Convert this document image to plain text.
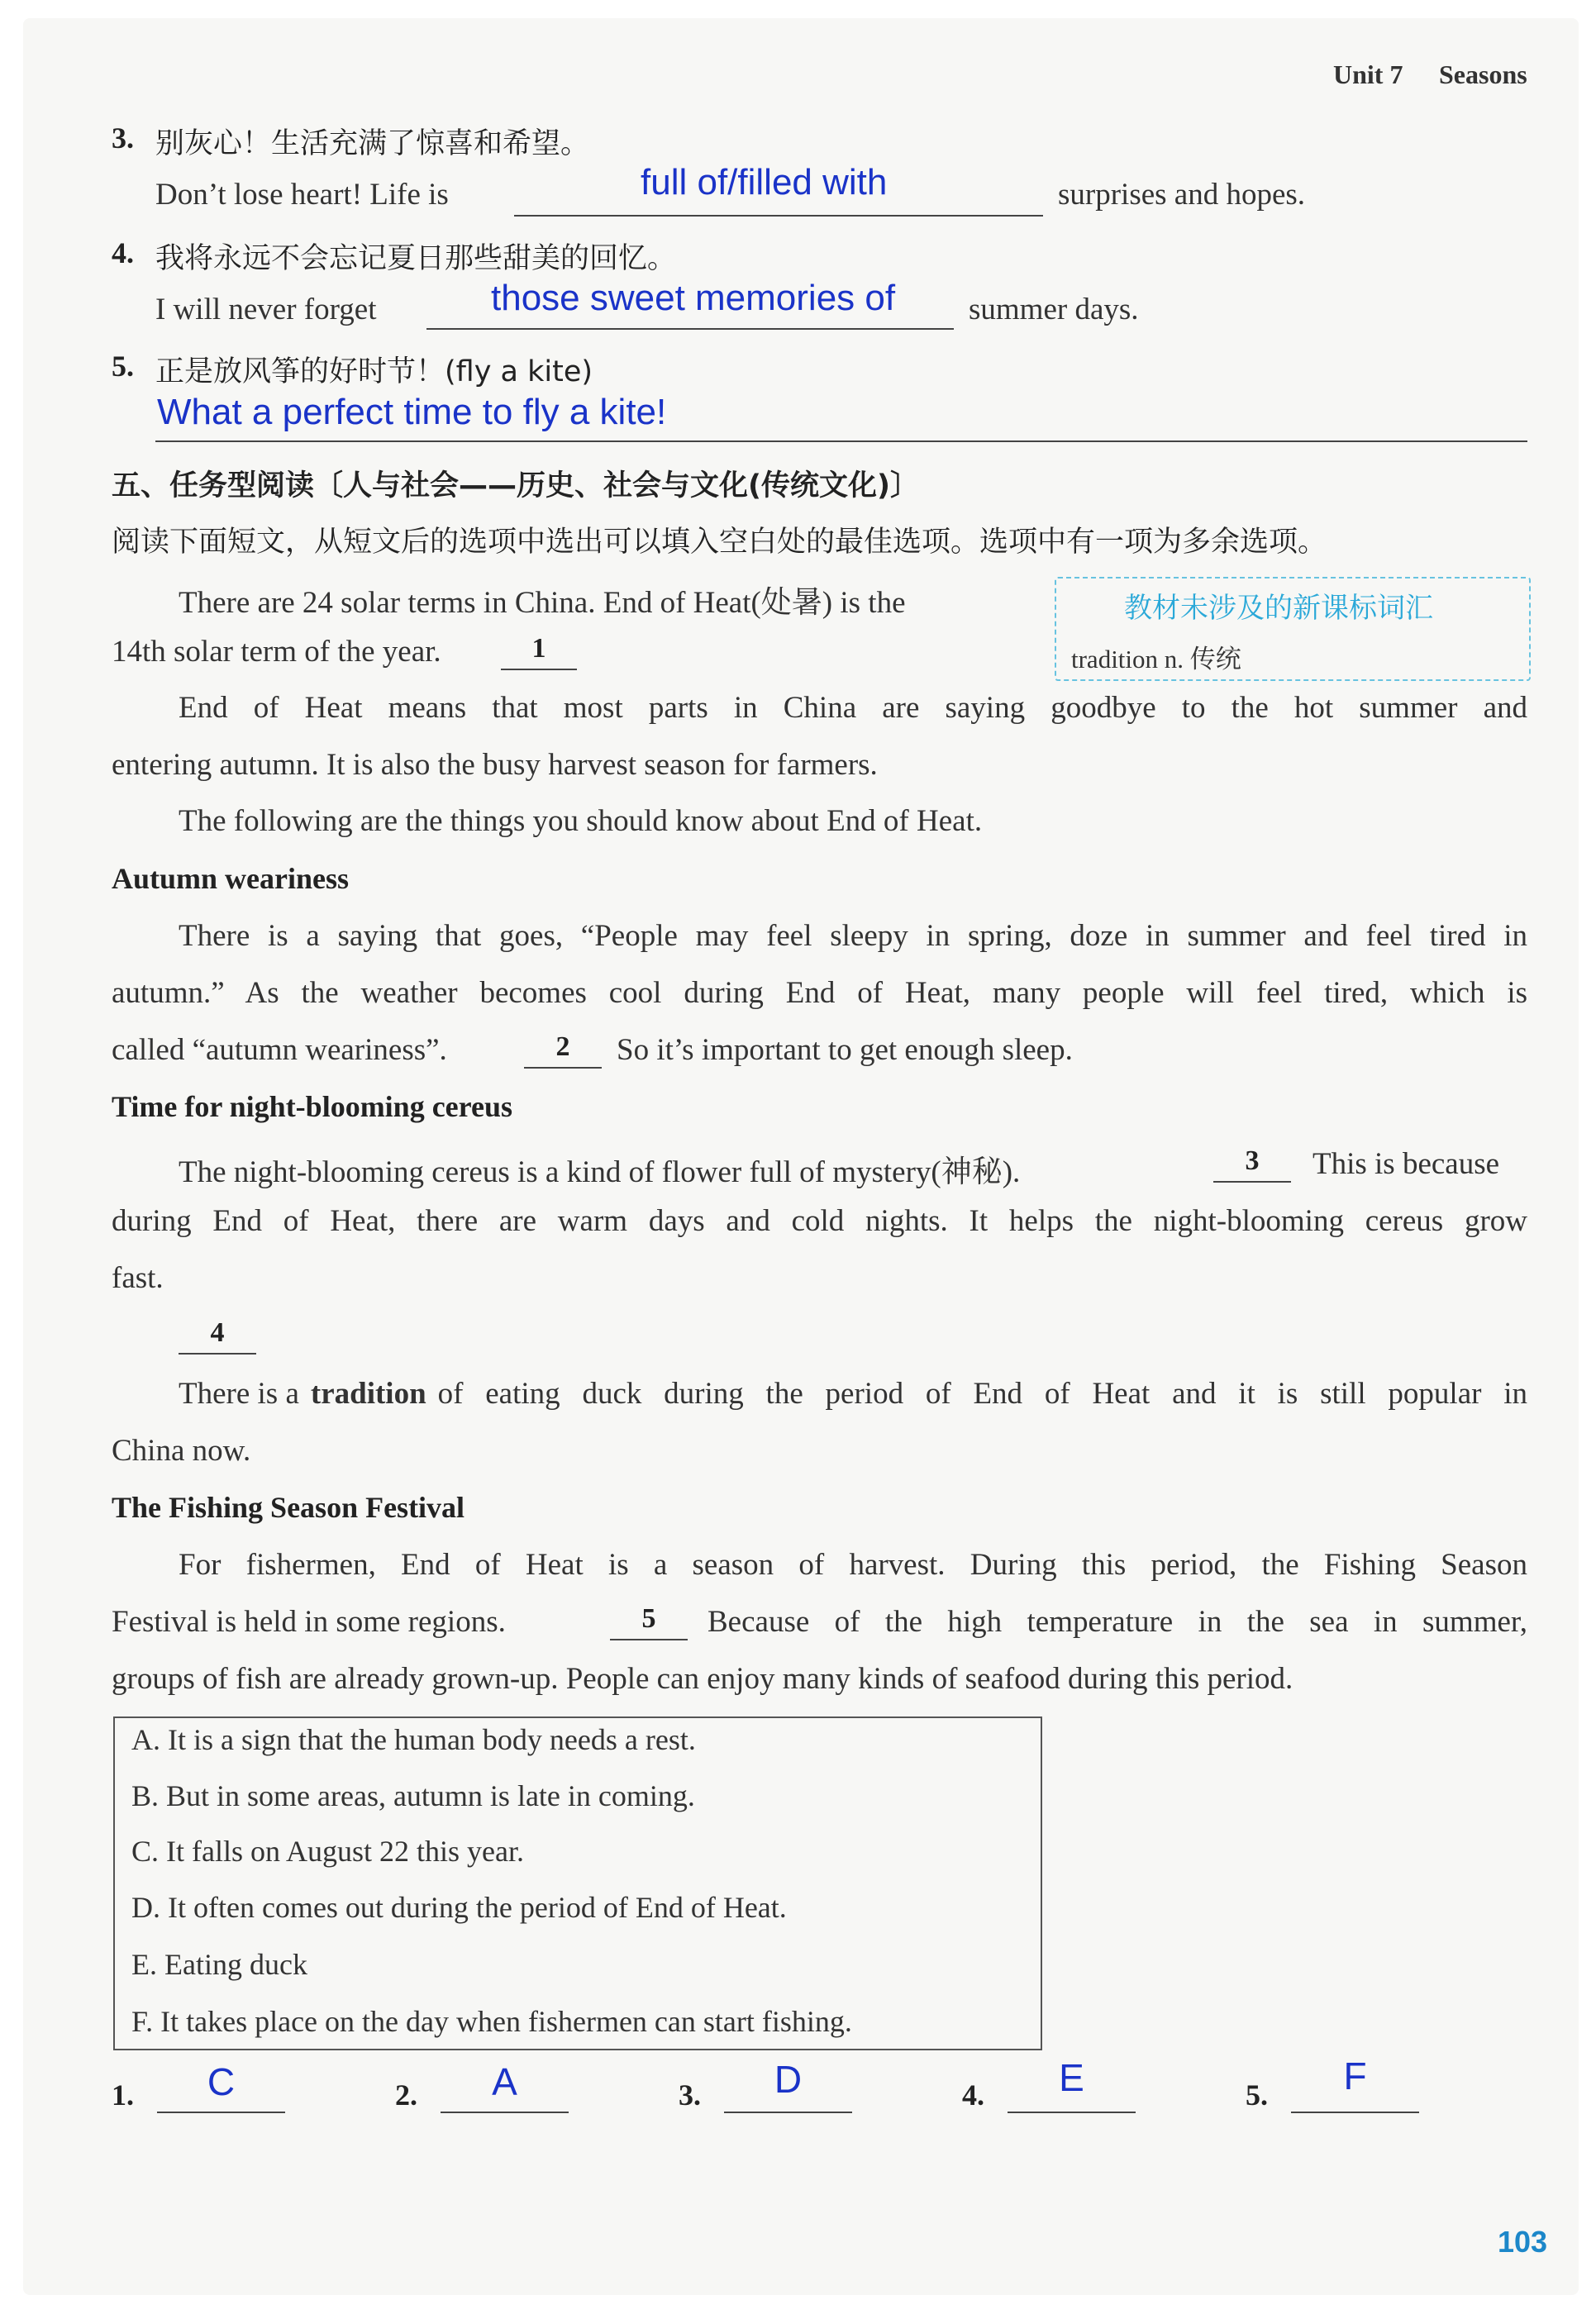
Unit 7 Seasons
3. 别灰心！生活充满了惊喜和希望。
Don’t lose heart! Life is	full of/filled with	surprises and hopes.
4. 我将永远不会忘记夏日那些甜美的回忆。
I will never forget	those sweet memories of summer days.
5. 正是放风筝的好时节！(fly a kite)
What a perfect time to fly a kite!
五、任务型阅读〔人与社会——历史、社会与文化(传统文化)〕
阅读下面短文，从短文后的选项中选出可以填入空白处的最佳选项。选项中有一项为多余选项。
教材未涉及的新课标词汇
tradition n. 传统
There are 24 solar terms in China. End of Heat(处暑) is the
14th solar term of the year.	1
End of Heat means that most parts in China are saying goodbye to the hot summer and
entering autumn. It is also the busy harvest season for farmers.
The following are the things you should know about End of Heat.
Autumn weariness
There is a saying that goes, “People may feel sleepy in spring, doze in summer and feel tired in
autumn.” As the weather becomes cool during End of Heat, many people will feel tired, which is
called “autumn weariness”.	2	So it’s important to get enough sleep.
Time for night-blooming cereus
The night-blooming cereus is a kind of flower full of mystery(神秘).	3	This is because
during End of Heat, there are warm days and cold nights. It helps the night-blooming cereus grow
fast.
4
There is a tradition of eating duck during the period of End of Heat and it is still popular in
China now.
The Fishing Season Festival
For fishermen, End of Heat is a season of harvest. During this period, the Fishing Season
Festival is held in some regions.	5	Because of the high temperature in the sea in summer,
groups of fish are already grown-up. People can enjoy many kinds of seafood during this period.
A. It is a sign that the human body needs a rest.
B. But in some areas, autumn is late in coming.
C. It falls on August 22 this year.
D. It often comes out during the period of End of Heat.
E. Eating duck
F. It takes place on the day when fishermen can start fishing.
1.	C	2.	A	3.	D	4.	E	5.	F
103
